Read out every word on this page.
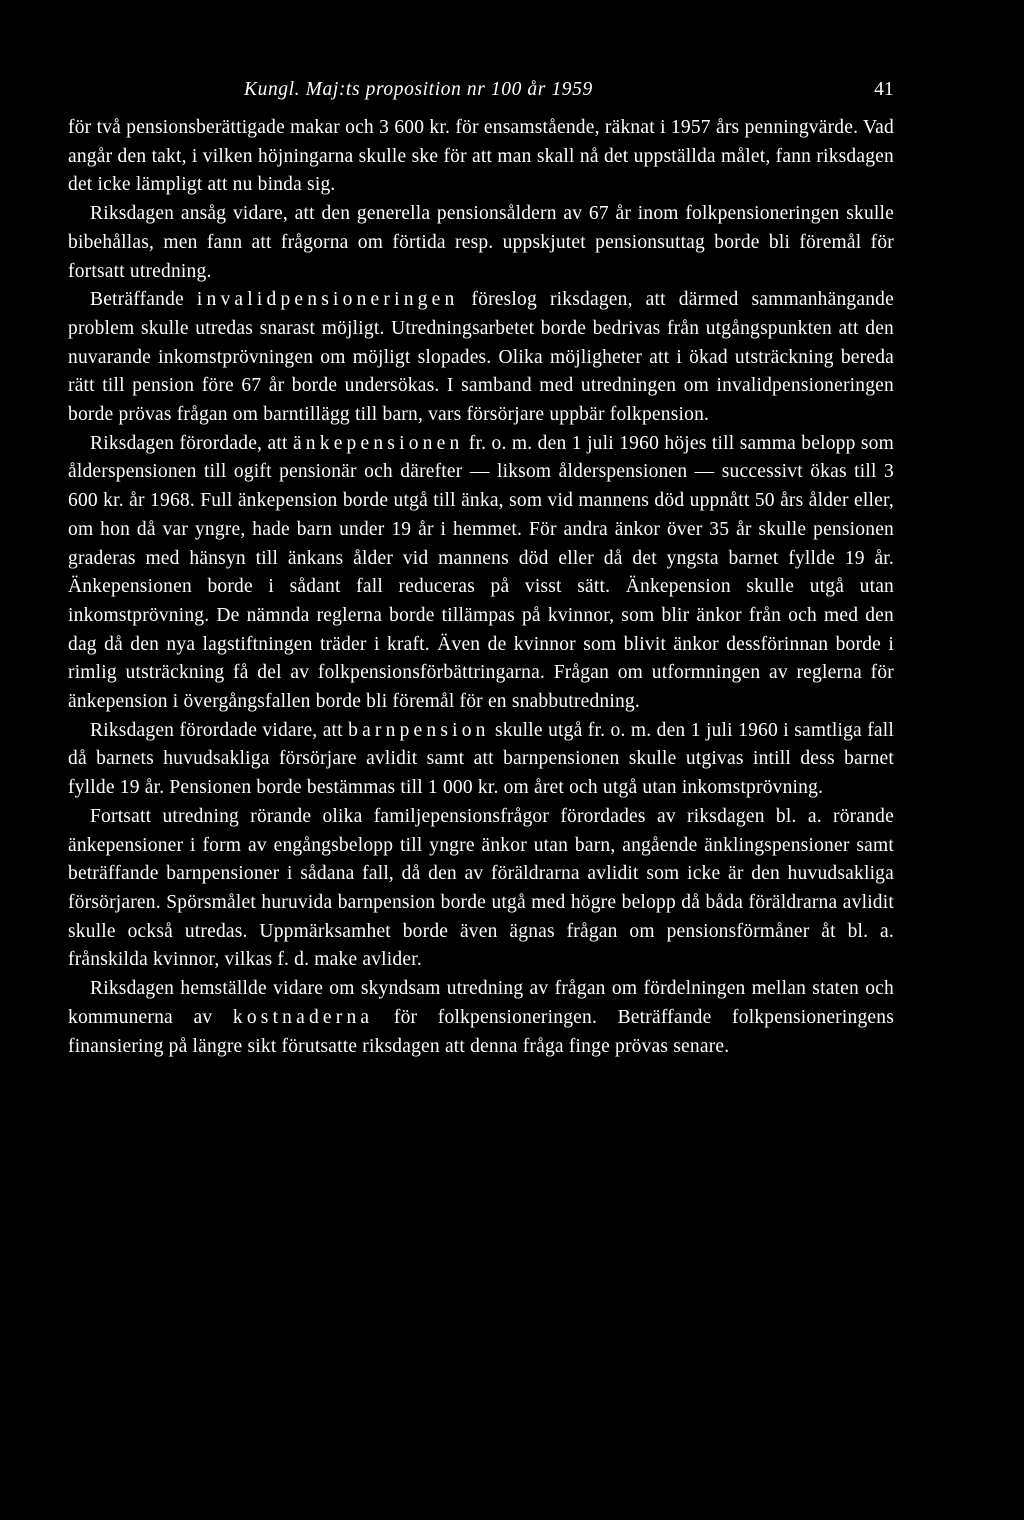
Kungl. Maj:ts proposition nr 100 år 1959	41

för två pensionsberättigade makar och 3 600 kr. för ensamstående, räknat i 1957 års penningvärde. Vad angår den takt, i vilken höjningarna skulle ske för att man skall nå det uppställda målet, fann riksdagen det icke lämpligt att nu binda sig.

Riksdagen ansåg vidare, att den generella pensionsåldern av 67 år inom folkpensioneringen skulle bibehållas, men fann att frågorna om förtida resp. uppskjutet pensionsuttag borde bli föremål för fortsatt utredning.

Beträffande invalidpensioneringen föreslog riksdagen, att därmed sammanhängande problem skulle utredas snarast möjligt. Utredningsarbetet borde bedrivas från utgångspunkten att den nuvarande inkomstprövningen om möjligt slopades. Olika möjligheter att i ökad utsträckning bereda rätt till pension före 67 år borde undersökas. I samband med utredningen om invalidpensioneringen borde prövas frågan om barntillägg till barn, vars försörjare uppbär folkpension.

Riksdagen förordade, att änkepensionen fr. o. m. den 1 juli 1960 höjes till samma belopp som ålderspensionen till ogift pensionär och därefter — liksom ålderspensionen — successivt ökas till 3 600 kr. år 1968. Full änkepension borde utgå till änka, som vid mannens död uppnått 50 års ålder eller, om hon då var yngre, hade barn under 19 år i hemmet. För andra änkor över 35 år skulle pensionen graderas med hänsyn till änkans ålder vid mannens död eller då det yngsta barnet fyllde 19 år. Änkepensionen borde i sådant fall reduceras på visst sätt. Änkepension skulle utgå utan inkomstprövning. De nämnda reglerna borde tillämpas på kvinnor, som blir änkor från och med den dag då den nya lagstiftningen träder i kraft. Även de kvinnor som blivit änkor dessförinnan borde i rimlig utsträckning få del av folkpensionsförbättringarna. Frågan om utformningen av reglerna för änkepension i övergångsfallen borde bli föremål för en snabbutredning.

Riksdagen förordade vidare, att barnpension skulle utgå fr. o. m. den 1 juli 1960 i samtliga fall då barnets huvudsakliga försörjare avlidit samt att barnpensionen skulle utgivas intill dess barnet fyllde 19 år. Pensionen borde bestämmas till 1 000 kr. om året och utgå utan inkomstprövning.

Fortsatt utredning rörande olika familjepensionsfrågor förordades av riksdagen bl. a. rörande änkepensioner i form av engångsbelopp till yngre änkor utan barn, angående änklingspensioner samt beträffande barnpensioner i sådana fall, då den av föräldrarna avlidit som icke är den huvudsakliga försörjaren. Spörsmålet huruvida barnpension borde utgå med högre belopp då båda föräldrarna avlidit skulle också utredas. Uppmärksamhet borde även ägnas frågan om pensionsförmåner åt bl. a. frånskilda kvinnor, vilkas f. d. make avlider.

Riksdagen hemställde vidare om skyndsam utredning av frågan om fördelningen mellan staten och kommunerna av kostnaderna för folkpensioneringen. Beträffande folkpensioneringens finansiering på längre sikt förutsatte riksdagen att denna fråga finge prövas senare.
